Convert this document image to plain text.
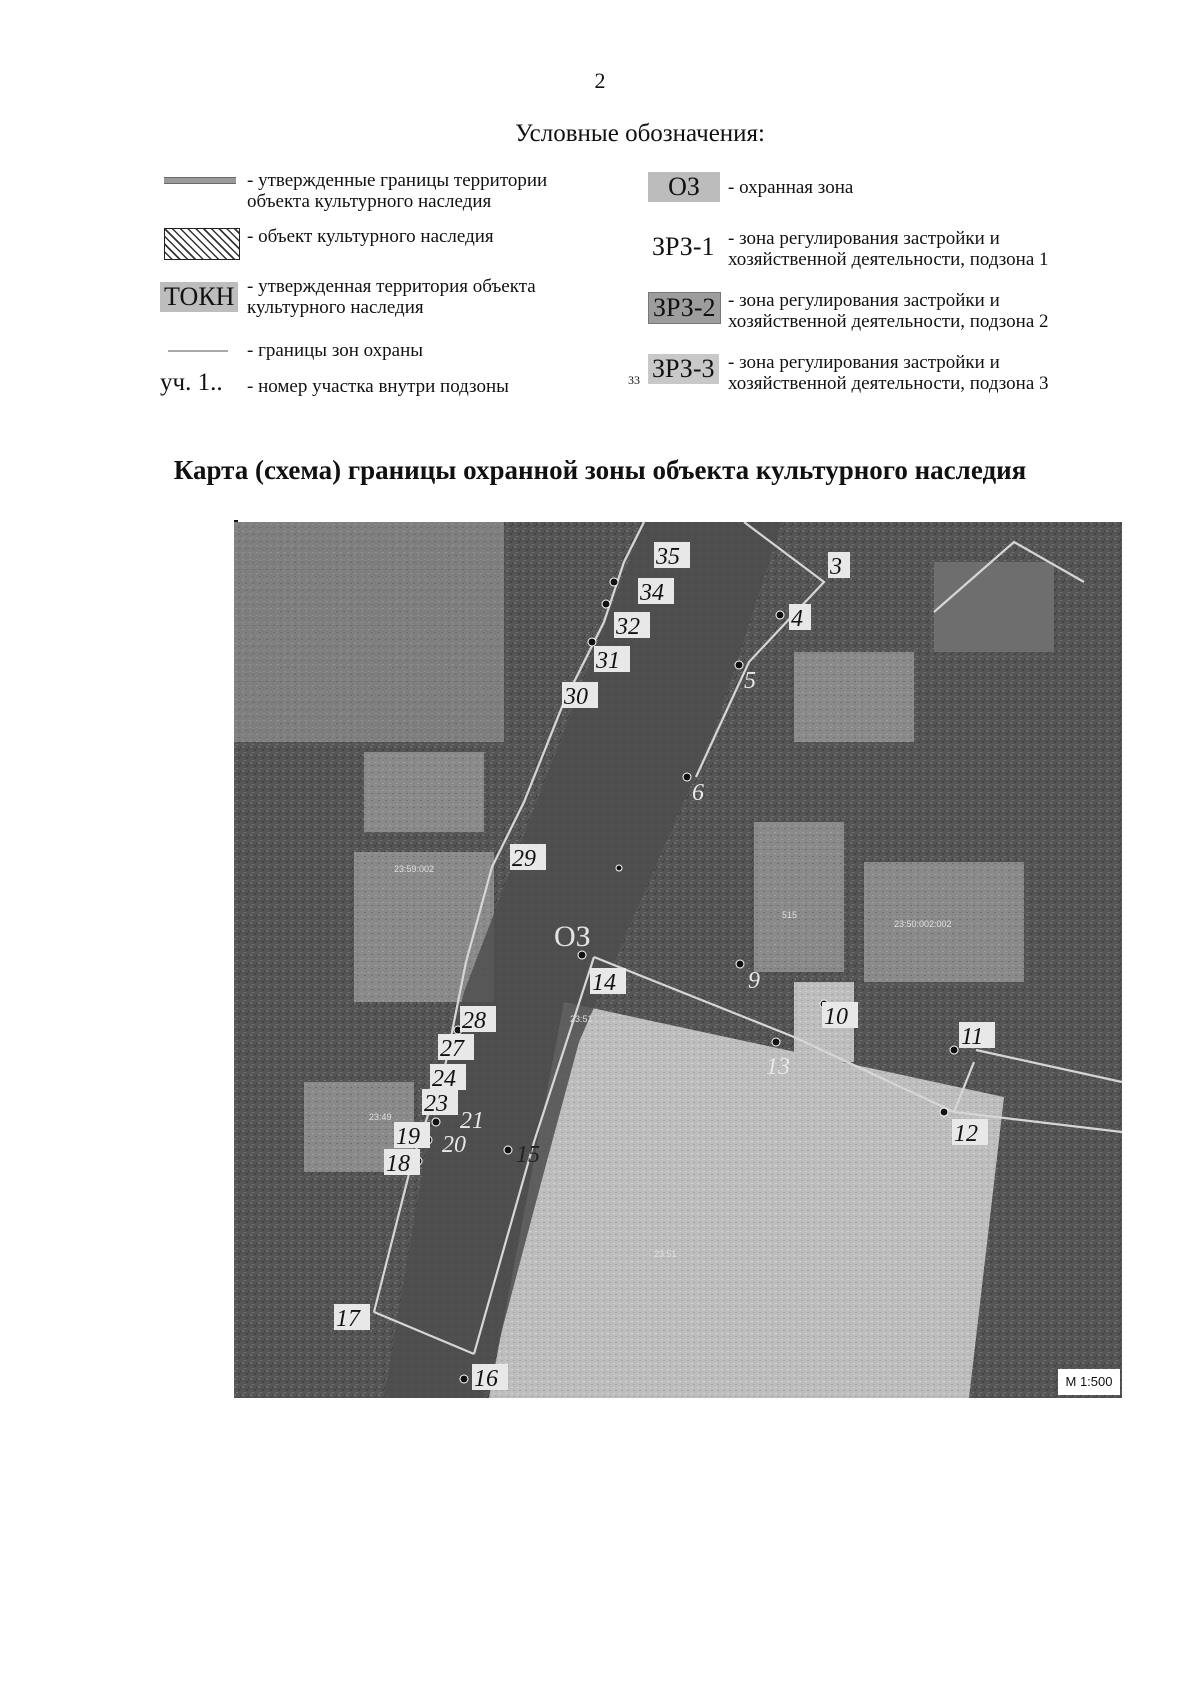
2
Условные обозначения:
- утвержденные границы территории
объекта культурного наследия
- объект культурного наследия
ТОКН - утвержденная территория объекта
культурного наследия
- границы зон охраны
уч. 1.. - номер участка внутри подзоны
ОЗ	- охранная зона
ЗРЗ-1 - зона регулирования застройки и
хозяйственной деятельности, подзона 1
ЗРЗ-2 - зона регулирования застройки и
хозяйственной деятельности, подзона 2
33 ЗРЗ-3 - зона регулирования застройки и
хозяйственной деятельности, подзона 3
Карта (схема) границы охранной зоны объекта культурного наследия
3
4
5
6
9
10
11
12
13
14
15
16
17
18
19 20
21
23
24
27
28
29
30
31
32
34
35
23:59:002
23:49
23:51
23:51
23:50:002:002
515
ОЗ
М 1:500
